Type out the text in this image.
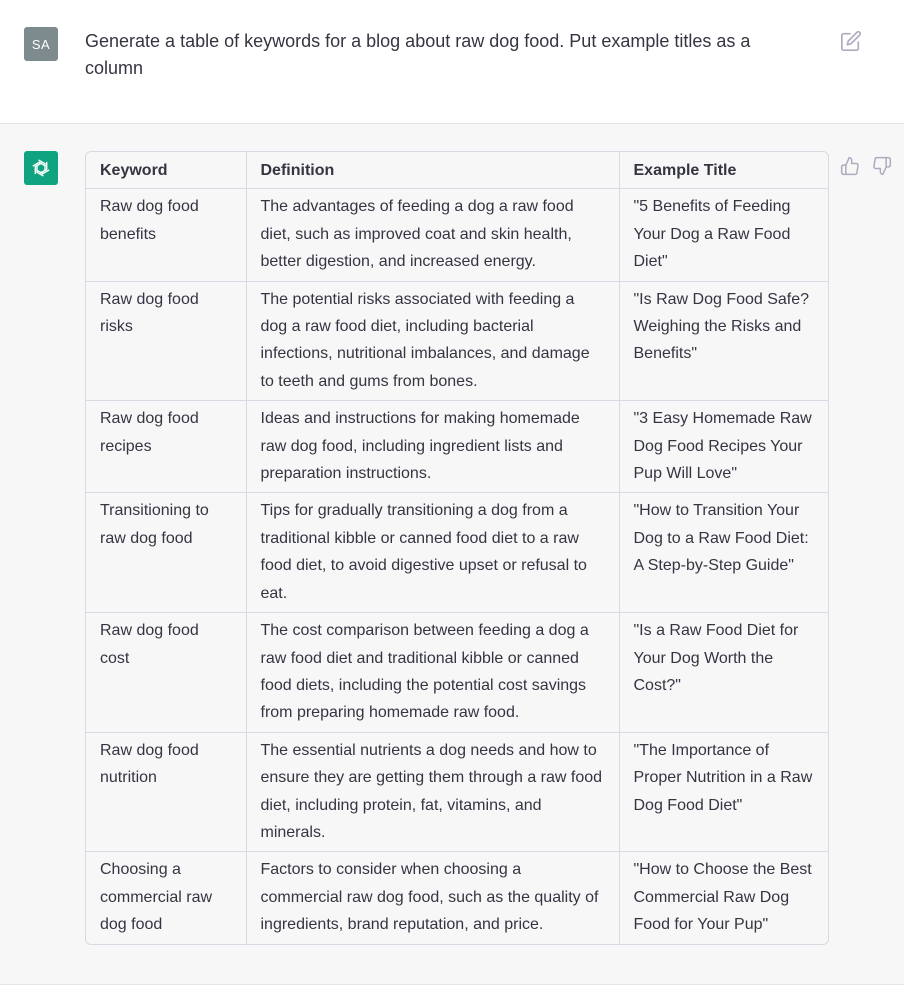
SA	Generate a table of keywords for a blog about raw dog food. Put example titles as a column
Keyword	Definition	Example Title
Raw dog food benefits	The advantages of feeding a dog a raw food diet, such as improved coat and skin health, better digestion, and increased energy.	"5 Benefits of Feeding Your Dog a Raw Food Diet"
Raw dog food risks	The potential risks associated with feeding a dog a raw food diet, including bacterial infections, nutritional imbalances, and damage to teeth and gums from bones.	"Is Raw Dog Food Safe? Weighing the Risks and Benefits"
Raw dog food recipes	Ideas and instructions for making homemade raw dog food, including ingredient lists and preparation instructions.	"3 Easy Homemade Raw Dog Food Recipes Your Pup Will Love"
Transitioning to raw dog food	Tips for gradually transitioning a dog from a traditional kibble or canned food diet to a raw food diet, to avoid digestive upset or refusal to eat.	"How to Transition Your Dog to a Raw Food Diet: A Step-by-Step Guide"
Raw dog food cost	The cost comparison between feeding a dog a raw food diet and traditional kibble or canned food diets, including the potential cost savings from preparing homemade raw food.	"Is a Raw Food Diet for Your Dog Worth the Cost?"
Raw dog food nutrition	The essential nutrients a dog needs and how to ensure they are getting them through a raw food diet, including protein, fat, vitamins, and minerals.	"The Importance of Proper Nutrition in a Raw Dog Food Diet"
Choosing a commercial raw dog food	Factors to consider when choosing a commercial raw dog food, such as the quality of ingredients, brand reputation, and price.	"How to Choose the Best Commercial Raw Dog Food for Your Pup"
